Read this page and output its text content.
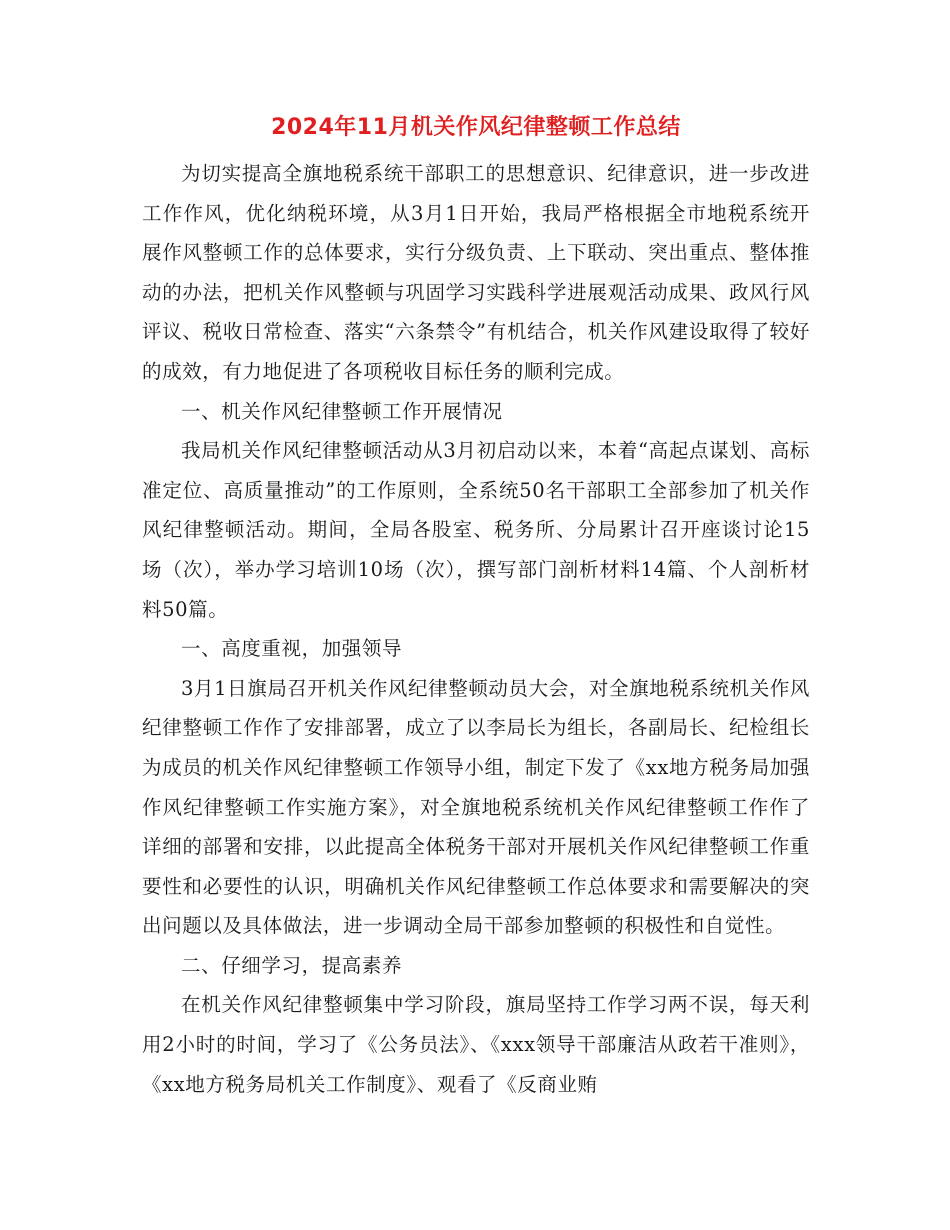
2024年11月机关作风纪律整顿工作总结

为切实提高全旗地税系统干部职工的思想意识、纪律意识，进一步改进工作作风，优化纳税环境，从3月1日开始，我局严格根据全市地税系统开展作风整顿工作的总体要求，实行分级负责、上下联动、突出重点、整体推动的办法，把机关作风整顿与巩固学习实践科学进展观活动成果、政风行风评议、税收日常检查、落实“六条禁令”有机结合，机关作风建设取得了较好的成效，有力地促进了各项税收目标任务的顺利完成。

一、机关作风纪律整顿工作开展情况

我局机关作风纪律整顿活动从3月初启动以来，本着“高起点谋划、高标准定位、高质量推动”的工作原则，全系统50名干部职工全部参加了机关作风纪律整顿活动。期间，全局各股室、税务所、分局累计召开座谈讨论15场（次），举办学习培训10场（次），撰写部门剖析材料14篇、个人剖析材料50篇。

一、高度重视，加强领导

3月1日旗局召开机关作风纪律整顿动员大会，对全旗地税系统机关作风纪律整顿工作作了安排部署，成立了以李局长为组长，各副局长、纪检组长为成员的机关作风纪律整顿工作领导小组，制定下发了《xx地方税务局加强作风纪律整顿工作实施方案》，对全旗地税系统机关作风纪律整顿工作作了详细的部署和安排，以此提高全体税务干部对开展机关作风纪律整顿工作重要性和必要性的认识，明确机关作风纪律整顿工作总体要求和需要解决的突出问题以及具体做法，进一步调动全局干部参加整顿的积极性和自觉性。

二、仔细学习，提高素养

在机关作风纪律整顿集中学习阶段，旗局坚持工作学习两不误，每天利用2小时的时间，学习了《公务员法》、《xxx领导干部廉洁从政若干准则》，《xx地方税务局机关工作制度》、观看了《反商业贿
